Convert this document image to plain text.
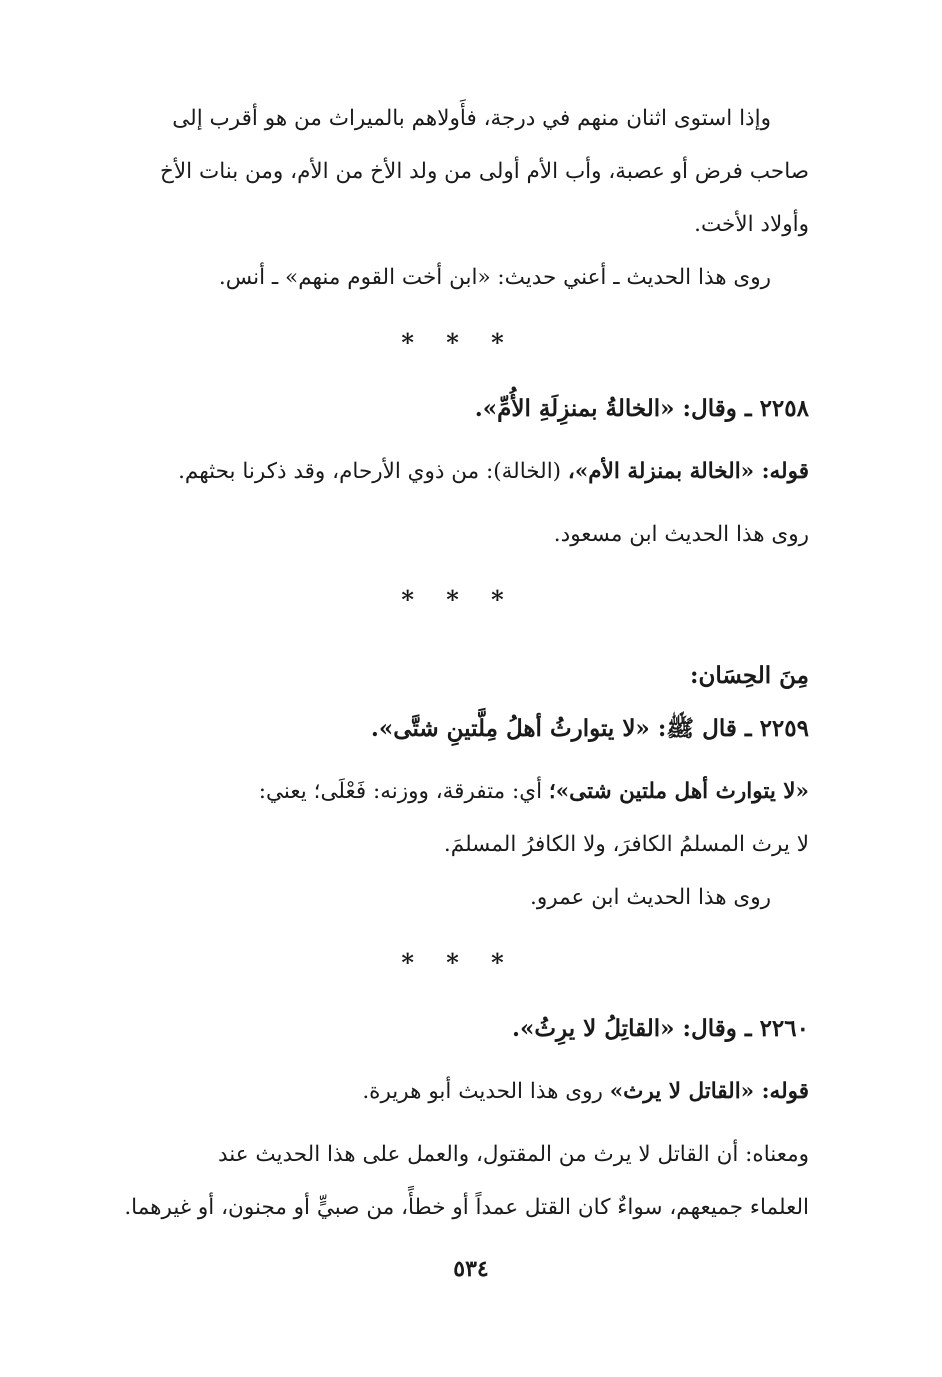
وإذا استوى اثنان منهم في درجة، فأَولاهم بالميراث من هو أقرب إلى

صاحب فرض أو عصبة، وأب الأم أولى من ولد الأخ من الأم، ومن بنات الأخ

وأولاد الأخت.

روى هذا الحديث ـ أعني حديث: «ابن أخت القوم منهم» ـ أنس.

* * *

٢٢٥٨ ـ وقال: «الخالةُ بمنزِلَةِ الأُمِّ».

قوله: «الخالة بمنزلة الأم»، (الخالة): من ذوي الأرحام، وقد ذكرنا بحثهم.

روى هذا الحديث ابن مسعود.

* * *

مِنَ الحِسَان:

٢٢٥٩ ـ قال ﷺ: «لا يتوارثُ أهلُ مِلَّتينِ شتَّى».

«لا يتوارث أهل ملتين شتى»؛ أي: متفرقة، ووزنه: فَعْلَى؛ يعني:

لا يرث المسلمُ الكافرَ، ولا الكافرُ المسلمَ.

روى هذا الحديث ابن عمرو.

* * *

٢٢٦٠ ـ وقال: «القاتِلُ لا يرِثُ».

قوله: «القاتل لا يرث» روى هذا الحديث أبو هريرة.

ومعناه: أن القاتل لا يرث من المقتول، والعمل على هذا الحديث عند

العلماء جميعهم، سواءٌ كان القتل عمداً أو خطأً، من صبيٍّ أو مجنون، أو غيرهما.

٥٣٤
